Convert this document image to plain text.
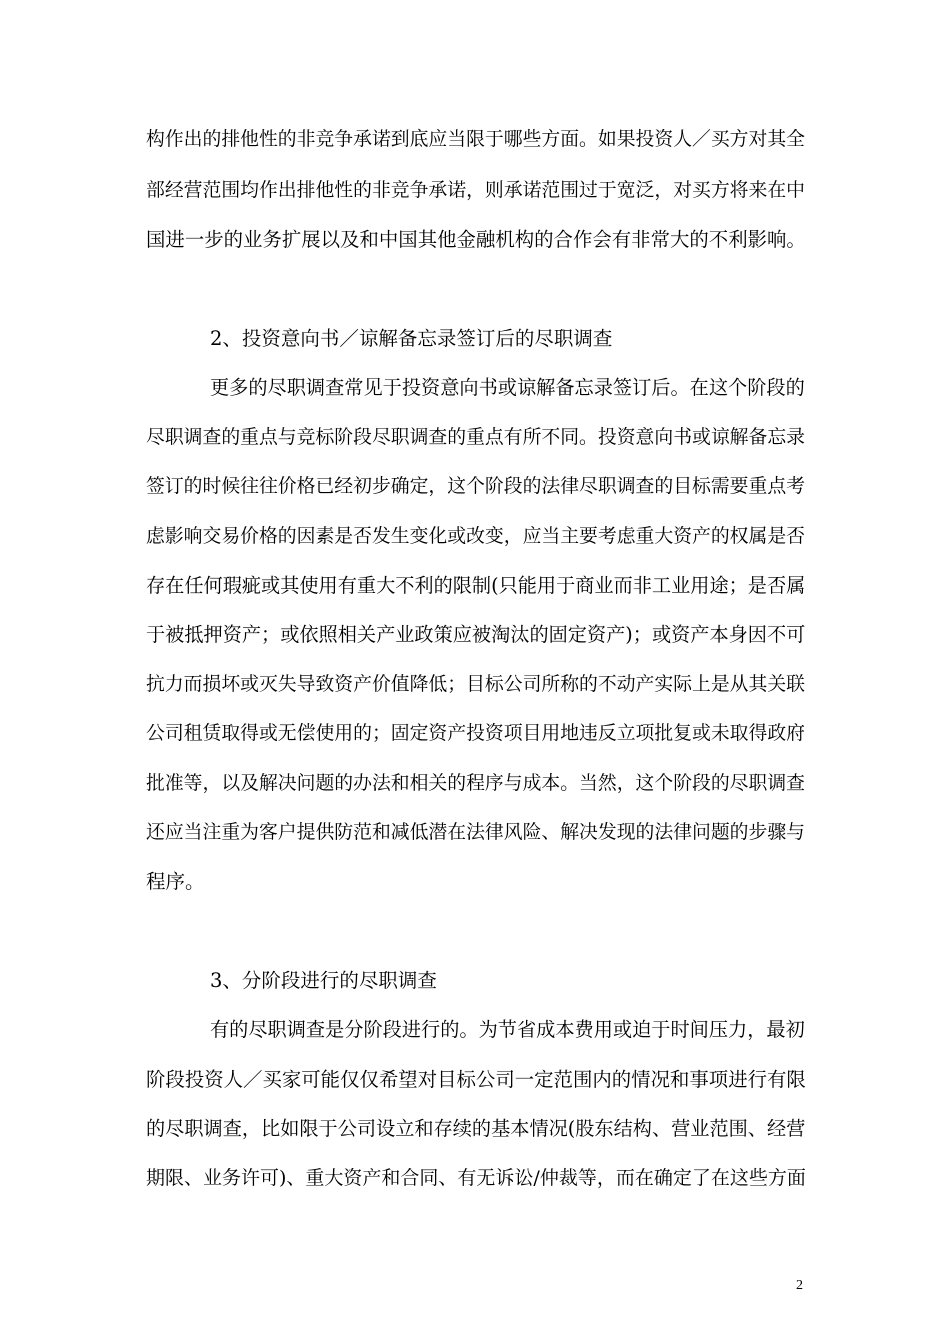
构作出的排他性的非竞争承诺到底应当限于哪些方面。如果投资人／买方对其全
部经营范围均作出排他性的非竞争承诺，则承诺范围过于宽泛，对买方将来在中
国进一步的业务扩展以及和中国其他金融机构的合作会有非常大的不利影响。
2、投资意向书／谅解备忘录签订后的尽职调查
更多的尽职调查常见于投资意向书或谅解备忘录签订后。在这个阶段的
尽职调查的重点与竞标阶段尽职调查的重点有所不同。投资意向书或谅解备忘录
签订的时候往往价格已经初步确定，这个阶段的法律尽职调查的目标需要重点考
虑影响交易价格的因素是否发生变化或改变，应当主要考虑重大资产的权属是否
存在任何瑕疵或其使用有重大不利的限制(只能用于商业而非工业用途；是否属
于被抵押资产；或依照相关产业政策应被淘汰的固定资产)；或资产本身因不可
抗力而损坏或灭失导致资产价值降低；目标公司所称的不动产实际上是从其关联
公司租赁取得或无偿使用的；固定资产投资项目用地违反立项批复或未取得政府
批准等，以及解决问题的办法和相关的程序与成本。当然，这个阶段的尽职调查
还应当注重为客户提供防范和减低潜在法律风险、解决发现的法律问题的步骤与
程序。
3、分阶段进行的尽职调查
有的尽职调查是分阶段进行的。为节省成本费用或迫于时间压力，最初
阶段投资人／买家可能仅仅希望对目标公司一定范围内的情况和事项进行有限
的尽职调查，比如限于公司设立和存续的基本情况(股东结构、营业范围、经营
期限、业务许可)、重大资产和合同、有无诉讼/仲裁等，而在确定了在这些方面
2
